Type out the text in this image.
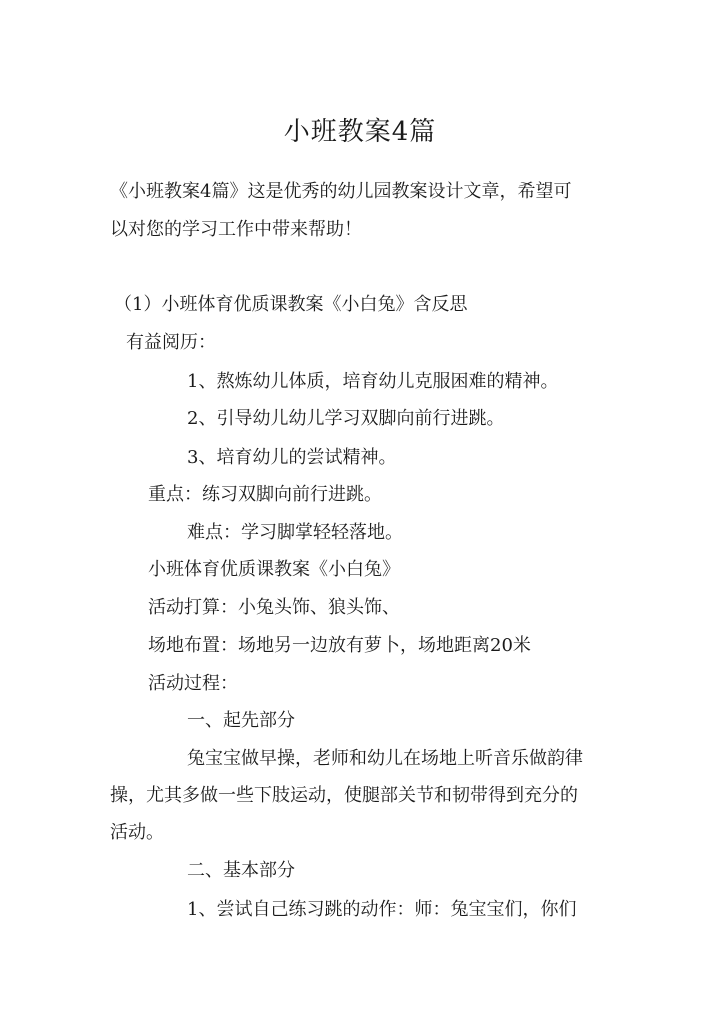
小班教案4篇
《小班教案4篇》这是优秀的幼儿园教案设计文章，希望可
以对您的学习工作中带来帮助！
（1）小班体育优质课教案《小白兔》含反思
有益阅历：
1、熬炼幼儿体质，培育幼儿克服困难的精神。
2、引导幼儿幼儿学习双脚向前行进跳。
3、培育幼儿的尝试精神。
重点：练习双脚向前行进跳。
难点：学习脚掌轻轻落地。
小班体育优质课教案《小白兔》
活动打算：小兔头饰、狼头饰、
场地布置：场地另一边放有萝卜，场地距离20米
活动过程：
一、起先部分
兔宝宝做早操，老师和幼儿在场地上听音乐做韵律
操，尤其多做一些下肢运动，使腿部关节和韧带得到充分的
活动。
二、基本部分
1、尝试自己练习跳的动作：师：兔宝宝们，你们
